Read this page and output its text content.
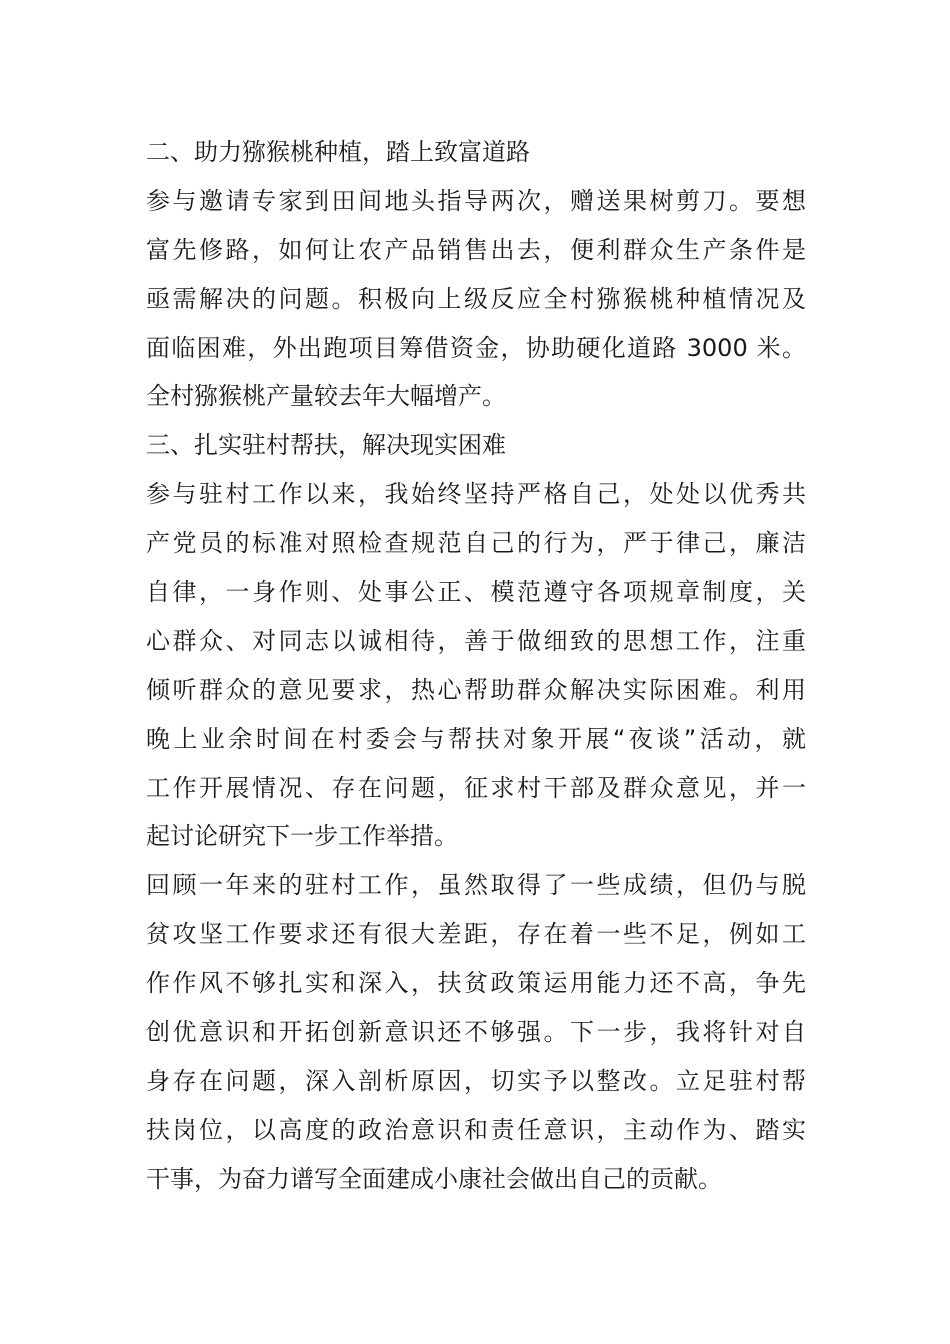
二、助力猕猴桃种植，踏上致富道路
参与邀请专家到田间地头指导两次，赠送果树剪刀。要想
富先修路，如何让农产品销售出去，便利群众生产条件是
亟需解决的问题。积极向上级反应全村猕猴桃种植情况及
面临困难，外出跑项目筹借资金，协助硬化道路 3000 米。
全村猕猴桃产量较去年大幅增产。
三、扎实驻村帮扶，解决现实困难
参与驻村工作以来，我始终坚持严格自己，处处以优秀共
产党员的标准对照检查规范自己的行为，严于律己，廉洁
自律，一身作则、处事公正、模范遵守各项规章制度，关
心群众、对同志以诚相待，善于做细致的思想工作，注重
倾听群众的意见要求，热心帮助群众解决实际困难。利用
晚上业余时间在村委会与帮扶对象开展“夜谈”活动，就
工作开展情况、存在问题，征求村干部及群众意见，并一
起讨论研究下一步工作举措。
回顾一年来的驻村工作，虽然取得了一些成绩，但仍与脱
贫攻坚工作要求还有很大差距，存在着一些不足，例如工
作作风不够扎实和深入，扶贫政策运用能力还不高，争先
创优意识和开拓创新意识还不够强。下一步，我将针对自
身存在问题，深入剖析原因，切实予以整改。立足驻村帮
扶岗位，以高度的政治意识和责任意识，主动作为、踏实
干事，为奋力谱写全面建成小康社会做出自己的贡献。
